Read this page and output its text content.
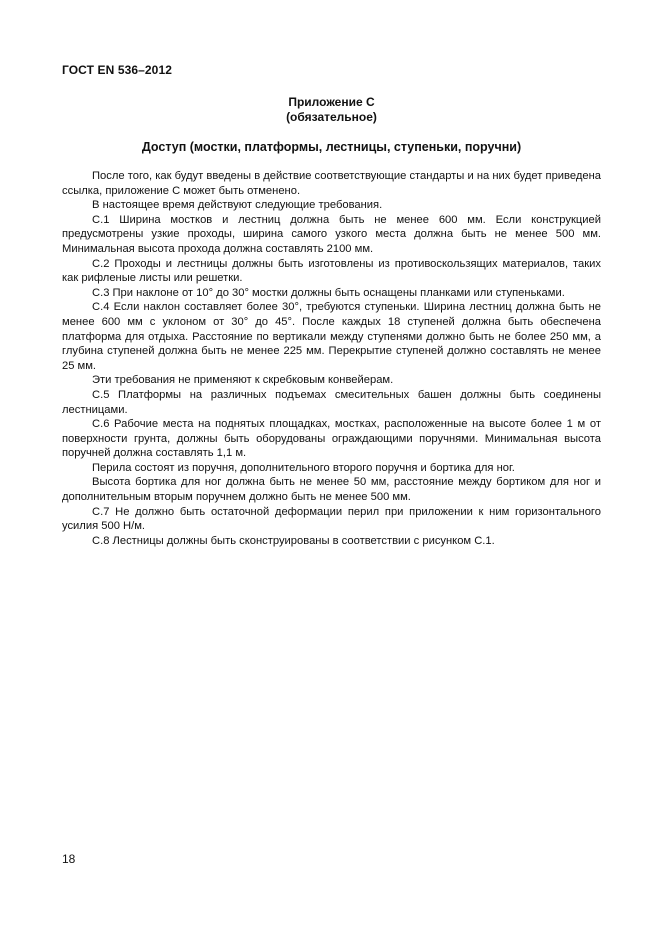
ГОСТ EN 536–2012
Приложение С
(обязательное)
Доступ (мостки, платформы, лестницы, ступеньки, поручни)

После того, как будут введены в действие соответствующие стандарты и на них будет приведена ссылка, приложение С может быть отменено.

В настоящее время действуют следующие требования.

С.1 Ширина мостков и лестниц должна быть не менее 600 мм. Если конструкцией предусмотрены узкие проходы, ширина самого узкого места должна быть не менее 500 мм. Минимальная высота прохода должна составлять 2100 мм.

С.2 Проходы и лестницы должны быть изготовлены из противоскользящих материалов, таких как рифленые листы или решетки.

С.3 При наклоне от 10° до 30° мостки должны быть оснащены планками или ступеньками.

С.4 Если наклон составляет более 30°, требуются ступеньки. Ширина лестниц должна быть не менее 600 мм с уклоном от 30° до 45°. После каждых 18 ступеней должна быть обеспечена платформа для отдыха. Расстояние по вертикали между ступенями должно быть не более 250 мм, а глубина ступеней должна быть не менее 225 мм. Перекрытие ступеней должно составлять не менее 25 мм.

Эти требования не применяют к скребковым конвейерам.

С.5 Платформы на различных подъемах смесительных башен должны быть соединены лестницами.

С.6 Рабочие места на поднятых площадках, мостках, расположенные на высоте более 1 м от поверхности грунта, должны быть оборудованы ограждающими поручнями. Минимальная высота поручней должна составлять 1,1 м.

Перила состоят из поручня, дополнительного второго поручня и бортика для ног.

Высота бортика для ног должна быть не менее 50 мм, расстояние между бортиком для ног и дополнительным вторым поручнем должно быть не менее 500 мм.

С.7 Не должно быть остаточной деформации перил при приложении к ним горизонтального усилия 500 Н/м.

С.8 Лестницы должны быть сконструированы в соответствии с рисунком С.1.

18
